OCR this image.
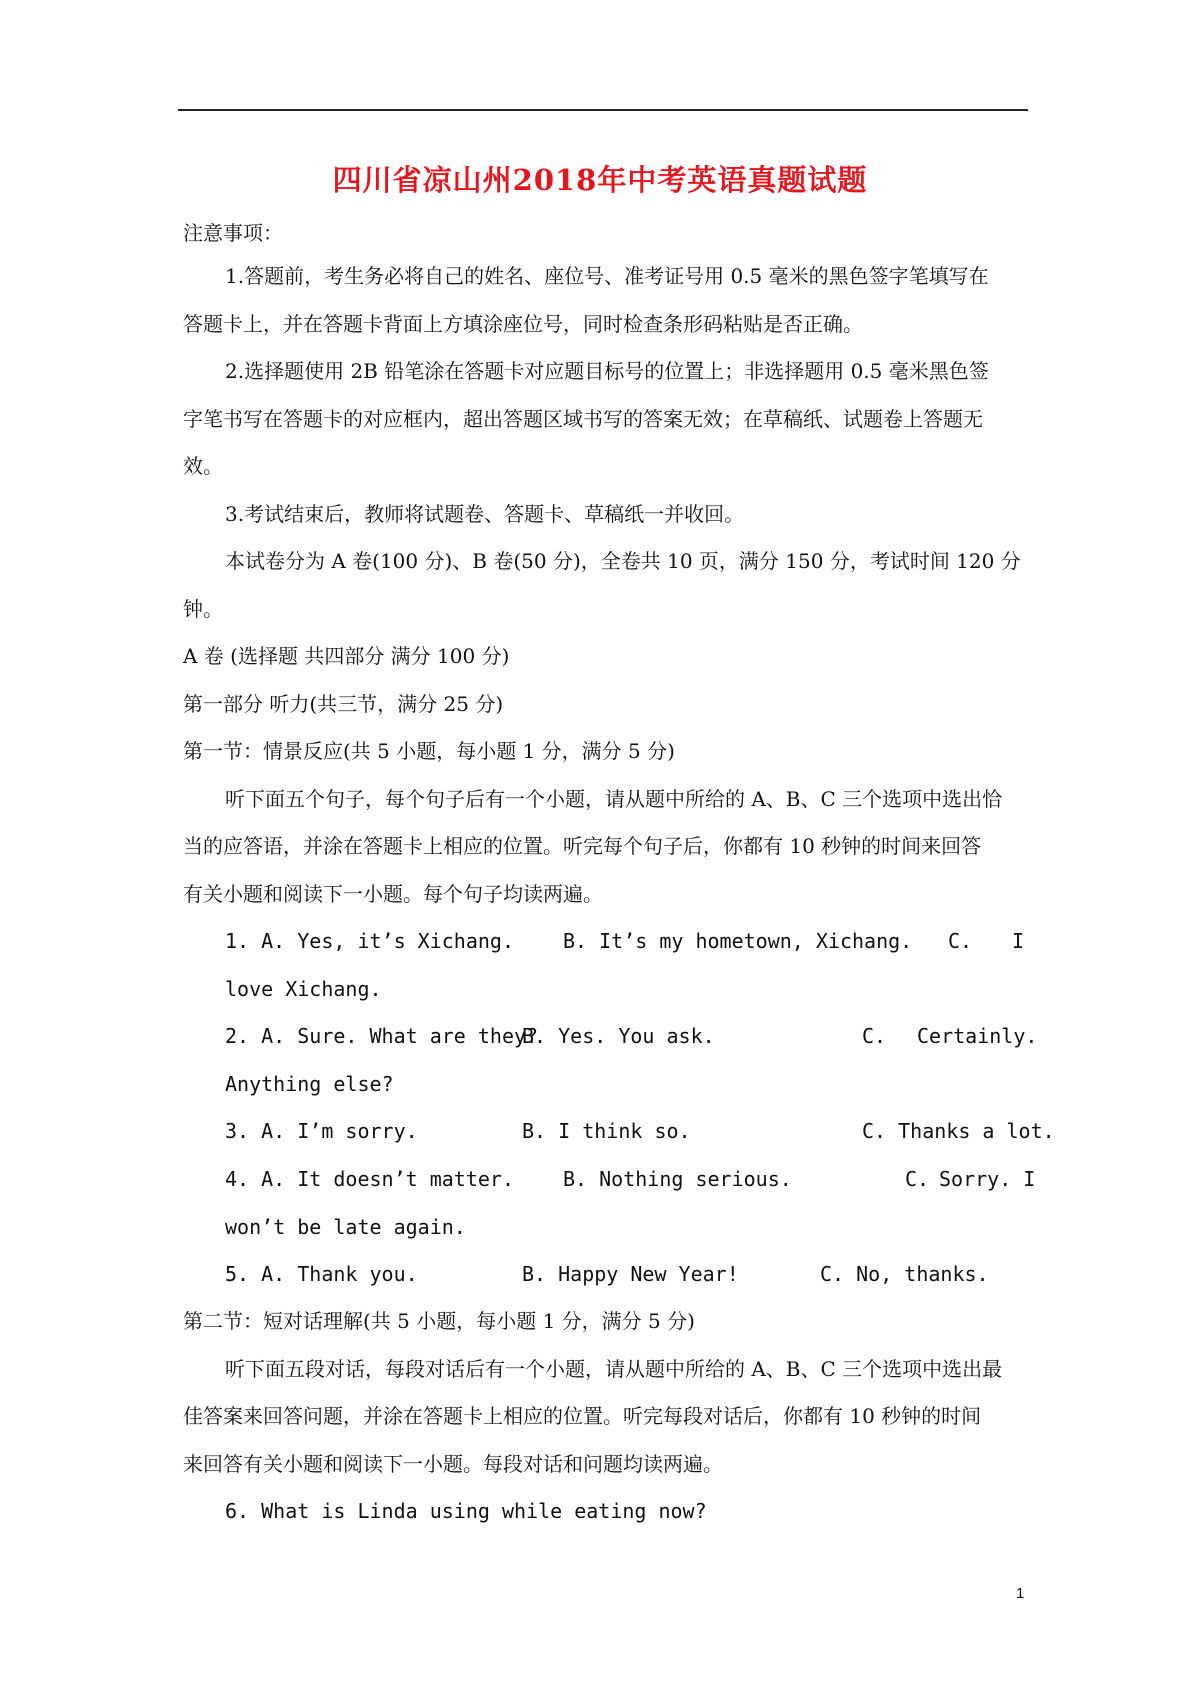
四川省凉山州2018年中考英语真题试题
注意事项：
1.答题前，考生务必将自己的姓名、座位号、准考证号用 0.5 毫米的黑色签字笔填写在
答题卡上，并在答题卡背面上方填涂座位号，同时检查条形码粘贴是否正确。
2.选择题使用 2B 铅笔涂在答题卡对应题目标号的位置上；非选择题用 0.5 毫米黑色签
字笔书写在答题卡的对应框内，超出答题区域书写的答案无效；在草稿纸、试题卷上答题无
效。
3.考试结束后，教师将试题卷、答题卡、草稿纸一并收回。
本试卷分为 A 卷(100 分)、B 卷(50 分)，全卷共 10 页，满分 150 分，考试时间 120 分
钟。
A 卷 (选择题 共四部分 满分 100 分)
第一部分 听力(共三节，满分 25 分)
第一节：情景反应(共 5 小题，每小题 1 分，满分 5 分)
听下面五个句子，每个句子后有一个小题，请从题中所给的 A、B、C 三个选项中选出恰
当的应答语，并涂在答题卡上相应的位置。听完每个句子后，你都有 10 秒钟的时间来回答
有关小题和阅读下一小题。每个句子均读两遍。
1. A. Yes, it’s Xichang. B. It’s my hometown, Xichang. C. I
love Xichang.
2. A. Sure. What are they?
B. Yes. You ask.	C. Certainly.
Anything else?
3. A. I’m sorry.	B. I think so.	C. Thanks a lot.
4. A. It doesn’t matter. B. Nothing serious.	C. Sorry. I
won’t be late again.
5. A. Thank you.	B. Happy New Year!	C. No, thanks.
第二节：短对话理解(共 5 小题，每小题 1 分，满分 5 分)
听下面五段对话，每段对话后有一个小题，请从题中所给的 A、B、C 三个选项中选出最
佳答案来回答问题，并涂在答题卡上相应的位置。听完每段对话后，你都有 10 秒钟的时间
来回答有关小题和阅读下一小题。每段对话和问题均读两遍。
6. What is Linda using while eating now?
1
